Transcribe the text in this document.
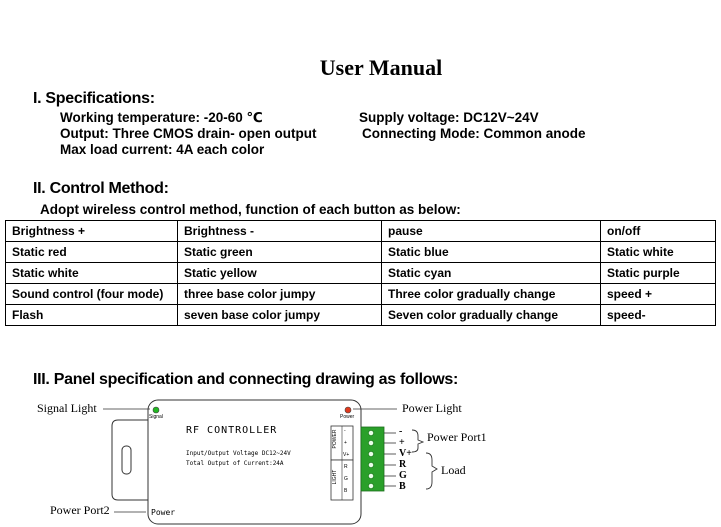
User Manual
I. Specifications:
Working temperature: -20-60 ℃
Output: Three CMOS drain- open output
Max load current: 4A each color
Supply voltage: DC12V~24V
Connecting Mode: Common anode
II. Control Method:
Adopt wireless control method, function of each button as below:
Brightness +	Brightness -	pause	on/off
Static red	Static green	Static blue	Static white
Static white	Static yellow	Static cyan	Static purple
Sound control (four mode)	three base color jumpy	Three color gradually change	speed +
Flash	seven base color jumpy	Seven color gradually change	speed-
III. Panel specification and connecting drawing as follows:
Signal Light	Power Light
Power Port1
Load
Power Port2
Signal	Power
Power
RF CONTROLLER
Input/Output Voltage DC12~24V
Total Output of Current:24A
POWER
LIGHT
-
+
V+
R
G
B
-
+
V+
R
G
B
